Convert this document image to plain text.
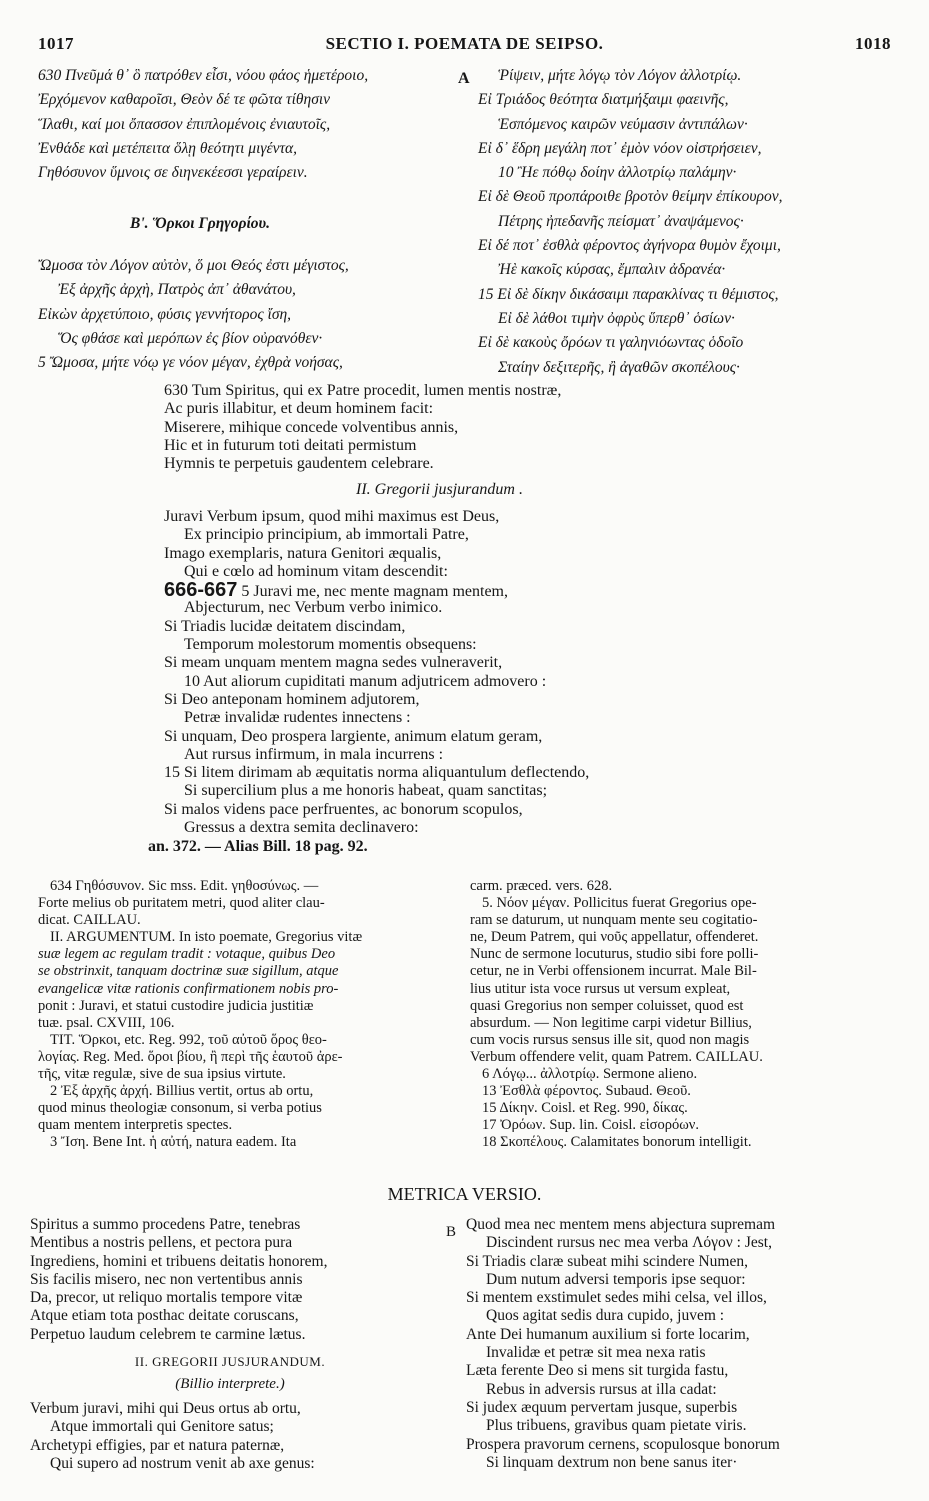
1017	SECTIO I. POEMATA DE SEIPSO.	1018
630 Πνεῦμά θ᾽ ὃ πατρόθεν εἶσι, νόου φάος ἡμετέροιο,
Ἐρχόμενον καθαροῖσι, Θεὸν δέ τε φῶτα τίθησιν
Ἵλαθι, καί μοι ὄπασσον ἐπιπλομένοις ἐνιαυτοῖς,
Ἐνθάδε καὶ μετέπειτα ὅλῃ θεότητι μιγέντα,
Γηθόσυνον ὕμνοις σε διηνεκέεσσι γεραίρειν.
Β'. Ὅρκοι Γρηγορίου.
Ὤμοσα τὸν Λόγον αὐτὸν, ὅ μοι Θεός ἐστι μέγιστος,
Ἐξ ἀρχῆς ἀρχὴ, Πατρὸς ἀπ᾽ ἀθανάτου,
Εἰκὼν ἀρχετύποιο, φύσις γεννήτορος ἴση,
Ὅς φθάσε καὶ μερόπων ἐς βίον οὐρανόθεν·
5 Ὤμοσα, μήτε νόῳ γε νόον μέγαν, ἐχθρὰ νοήσας,
A	Ῥίψειν, μήτε λόγῳ τὸν Λόγον ἀλλοτρίῳ.
Εἰ Τριάδος θεότητα διατμήξαιμι φαεινῆς,
Ἑσπόμενος καιρῶν νεύμασιν ἀντιπάλων·
Εἰ δ᾽ ἕδρη μεγάλη ποτ᾽ ἐμὸν νόον οἰστρήσειεν,
10 Ἢε πόθῳ δοίην ἀλλοτρίῳ παλάμην·
Εἰ δὲ Θεοῦ προπάροιθε βροτὸν θείμην ἐπίκουρον,
Πέτρης ἠπεδανῆς πείσματ᾽ ἀναψάμενος·
Εἰ δέ ποτ᾽ ἐσθλὰ φέροντος ἀγήνορα θυμὸν ἔχοιμι,
Ἠὲ κακοῖς κύρσας, ἔμπαλιν ἀδρανέα·
15 Εἰ δὲ δίκην δικάσαιμι παρακλίνας τι θέμιστος,
Εἰ δὲ λάθοι τιμὴν ὀφρὺς ὕπερθ᾽ ὁσίων·
Εἰ δὲ κακοὺς ὄρόων τι γαληνιόωντας ὁδοῖο
Σταίην δεξιτερῆς, ἢ ἀγαθῶν σκοπέλους·
630 Tum Spiritus, qui ex Patre procedit, lumen mentis nostræ,
Ac puris illabitur, et deum hominem facit:
Miserere, mihique concede volventibus annis,
Hic et in futurum toti deitati permistum
Hymnis te perpetuis gaudentem celebrare.
II. Gregorii jusjurandum .
Juravi Verbum ipsum, quod mihi maximus est Deus,
Ex principio principium, ab immortali Patre,
Imago exemplaris, natura Genitori æqualis,
Qui e cœlo ad hominum vitam descendit:
666-667 5 Juravi me, nec mente magnam mentem,
Abjecturum, nec Verbum verbo inimico.
Si Triadis lucidæ deitatem discindam,
Temporum molestorum momentis obsequens:
Si meam unquam mentem magna sedes vulneraverit,
10 Aut aliorum cupiditati manum adjutricem admovero :
Si Deo anteponam hominem adjutorem,
Petræ invalidæ rudentes innectens :
Si unquam, Deo prospera largiente, animum elatum geram,
Aut rursus infirmum, in mala incurrens :
15 Si litem dirimam ab æquitatis norma aliquantulum deflectendo,
Si supercilium plus a me honoris habeat, quam sanctitas;
Si malos videns pace perfruentes, ac bonorum scopulos,
Gressus a dextra semita declinavero:
an. 372. — Alias Bill. 18 pag. 92.
634 Γηθόσυνον. Sic mss. Edit. γηθοσύνως. —
Forte melius ob puritatem metri, quod aliter clau-
dicat. CAILLAU.
II. ARGUMENTUM. In isto poemate, Gregorius vitæ
suæ legem ac regulam tradit : votaque, quibus Deo
se obstrinxit, tanquam doctrinæ suæ sigillum, atque
evangelicæ vitæ rationis confirmationem nobis pro-
ponit : Juravi, et statui custodire judicia justitiæ
tuæ. psal. CXVIII, 106.
TIT. Ὅρκοι, etc. Reg. 992, τοῦ αὐτοῦ ὅρος θεο-
λογίας. Reg. Med. ὅροι βίου, ἢ περὶ τῆς ἑαυτοῦ ἀρε-
τῆς, vitæ regulæ, sive de sua ipsius virtute.
2 Ἐξ ἀρχῆς ἀρχή. Billius vertit, ortus ab ortu,
quod minus theologiæ consonum, si verba potius
quam mentem interpretis spectes.
3 Ἴση. Bene Int. ἡ αὐτή, natura eadem. Ita
carm. præced. vers. 628.
5. Νόον μέγαν. Pollicitus fuerat Gregorius ope-
ram se daturum, ut nunquam mente seu cogitatio-
ne, Deum Patrem, qui νοῦς appellatur, offenderet.
Nunc de sermone locuturus, studio sibi fore polli-
cetur, ne in Verbi offensionem incurrat. Male Bil-
lius utitur ista voce rursus ut versum expleat,
quasi Gregorius non semper coluisset, quod est
absurdum. — Non legitime carpi videtur Billius,
cum vocis rursus sensus ille sit, quod non magis
Verbum offendere velit, quam Patrem. CAILLAU.
6 Λόγῳ... ἀλλοτρίῳ. Sermone alieno.
13 Ἐσθλὰ φέροντος. Subaud. Θεοῦ.
15 Δίκην. Coisl. et Reg. 990, δίκας.
17 Ὀρόων. Sup. lin. Coisl. εἰσορόων.
18 Σκοπέλους. Calamitates bonorum intelligit.
METRICA VERSIO.
Spiritus a summo procedens Patre, tenebras
Mentibus a nostris pellens, et pectora pura
Ingrediens, homini et tribuens deitatis honorem,
Sis facilis misero, nec non vertentibus annis
Da, precor, ut reliquo mortalis tempore vitæ
Atque etiam tota posthac deitate coruscans,
Perpetuo laudum celebrem te carmine lætus.
II. GREGORII JUSJURANDUM.
(Billio interprete.)
Verbum juravi, mihi qui Deus ortus ab ortu,
Atque immortali qui Genitore satus;
Archetypi effigies, par et natura paternæ,
Qui supero ad nostrum venit ab axe genus:
B Quod mea nec mentem mens abjectura supremam
Discindent rursus nec mea verba Λόγον : Jest,
Si Triadis claræ subeat mihi scindere Numen,
Dum nutum adversi temporis ipse sequor:
Si mentem exstimulet sedes mihi celsa, vel illos,
Quos agitat sedis dura cupido, juvem :
Ante Dei humanum auxilium si forte locarim,
Invalidæ et petræ sit mea nexa ratis
Læta ferente Deo si mens sit turgida fastu,
Rebus in adversis rursus at illa cadat:
Si judex æquum pervertam jusque, superbis
Plus tribuens, gravibus quam pietate viris.
Prospera pravorum cernens, scopulosque bonorum
Si linquam dextrum non bene sanus iter·
